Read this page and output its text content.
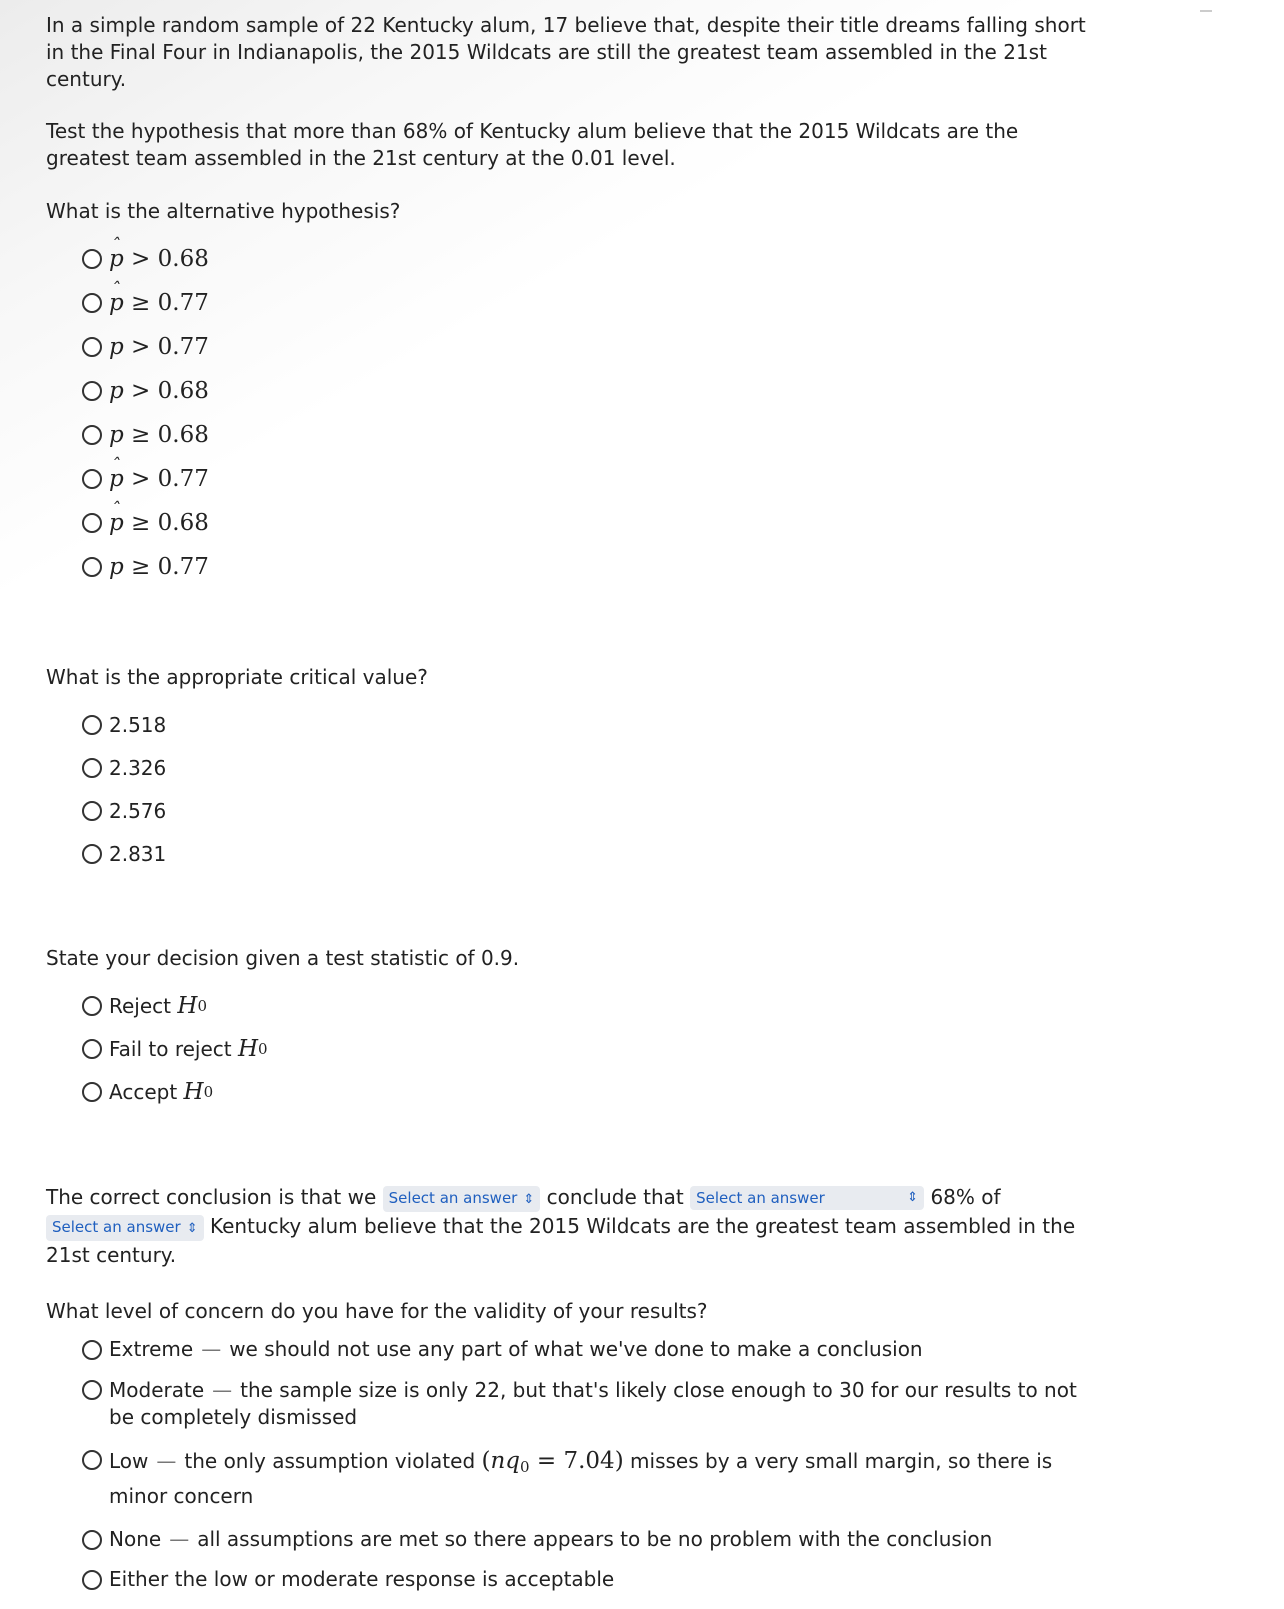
In a simple random sample of 22 Kentucky alum, 17 believe that, despite their title dreams falling short in the Final Four in Indianapolis, the 2015 Wildcats are still the greatest team assembled in the 21st century.

Test the hypothesis that more than 68% of Kentucky alum believe that the 2015 Wildcats are the greatest team assembled in the 21st century at the 0.01 level.

What is the alternative hypothesis?

p ˆ > 0.68
p ˆ ≥ 0.77
p > 0.77
p > 0.68
p ≥ 0.68
p ˆ > 0.77
p ˆ ≥ 0.68
p ≥ 0.77

What is the appropriate critical value?

2.518
2.326
2.576
2.831

State your decision given a test statistic of 0.9.

Reject
H 0
Fail to reject
H 0
Accept
H 0

The correct conclusion is that we Select an answer ⇕ conclude that Select an answer	⇕ 68% of Select an answer ⇕ Kentucky alum believe that the 2015 Wildcats are the greatest team assembled in the 21st century.

What level of concern do you have for the validity of your results?

Extreme — we should not use any part of what we've done to make a conclusion
Moderate — the sample size is only 22, but that's likely close enough to 30 for our results to not be completely dismissed
Low — the only assumption violated $(nq_0 = 7.04)$ misses by a very small margin, so there is minor concern
None — all assumptions are met so there appears to be no problem with the conclusion
Either the low or moderate response is acceptable
